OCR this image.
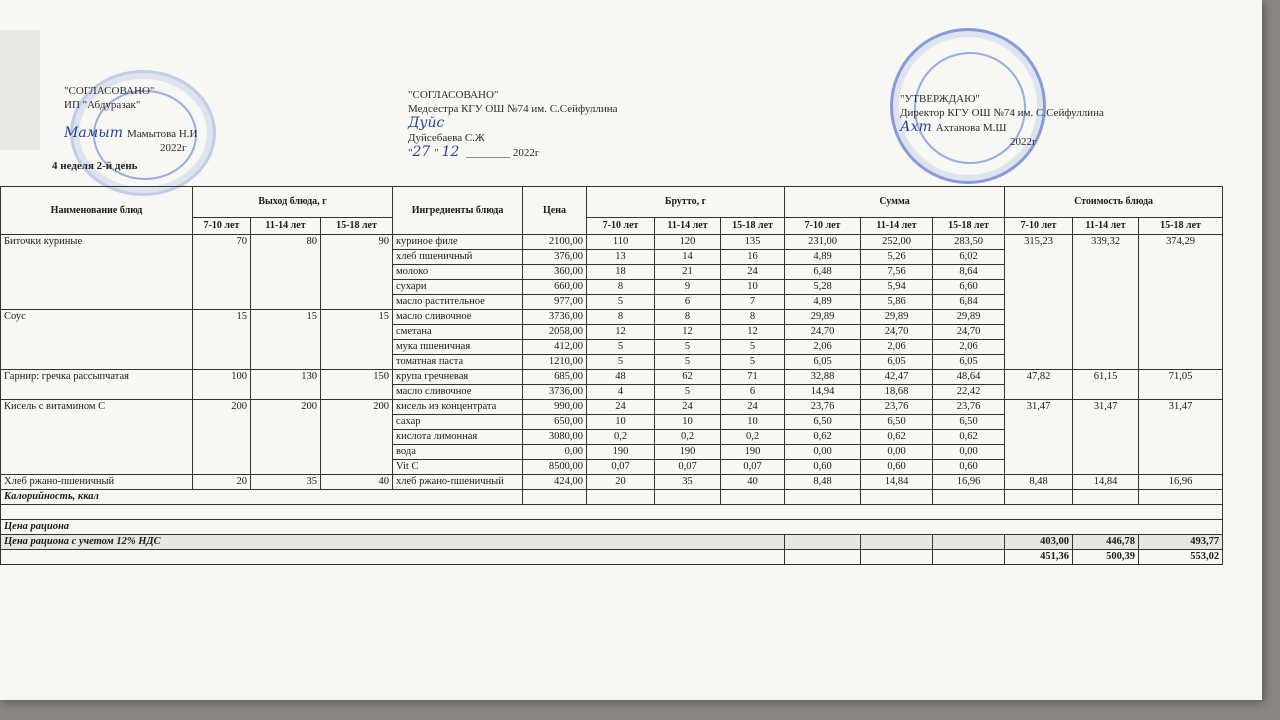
"СОГЛАСОВАНО"
ИП "Абдуразак"

Мамыт Мамытова Н.И
2022г
"СОГЛАСОВАНО"
Медсестра КГУ ОШ №74 им. С.Сейфуллина
Дуйс
Дуйсебаева С.Ж
"27 " 12 ________ 2022г
"УТВЕРЖДАЮ"
Директор КГУ ОШ №74 им. С.Сейфуллина
Ахт Ахтанова М.Ш
2022г
4 неделя 2-й день
Наименование блюд	Выход блюда, г			Ингредиенты блюда	Цена	Брутто, г			Сумма			Стоимость блюда		
	7-10 лет	11-14 лет	15-18 лет			7-10 лет	11-14 лет	15-18 лет	7-10 лет	11-14 лет	15-18 лет	7-10 лет	11-14 лет	15-18 лет
Биточки куриные	70	80	90	куриное филе	2100,00	110	120	135	231,00	252,00	283,50	315,23	339,32	374,29
				хлеб пшеничный	376,00	13	14	16	4,89	5,26	6,02			
				молоко	360,00	18	21	24	6,48	7,56	8,64			
				сухари	660,00	8	9	10	5,28	5,94	6,60			
				масло растительное	977,00	5	6	7	4,89	5,86	6,84			
Соус	15	15	15	масло сливочное	3736,00	8	8	8	29,89	29,89	29,89			
				сметана	2058,00	12	12	12	24,70	24,70	24,70			
				мука пшеничная	412,00	5	5	5	2,06	2,06	2,06			
				томатная паста	1210,00	5	5	5	6,05	6,05	6,05			
Гарнир: гречка рассыпчатая	100	130	150	крупа гречневая	685,00	48	62	71	32,88	42,47	48,64	47,82	61,15	71,05
				масло сливочное	3736,00	4	5	6	14,94	18,68	22,42			
Кисель с витамином С	200	200	200	кисель из концентрата	990,00	24	24	24	23,76	23,76	23,76	31,47	31,47	31,47
				сахар	650,00	10	10	10	6,50	6,50	6,50			
				кислота лимонная	3080,00	0,2	0,2	0,2	0,62	0,62	0,62			
				вода	0,00	190	190	190	0,00	0,00	0,00			
				Vit C	8500,00	0,07	0,07	0,07	0,60	0,60	0,60			
Хлеб ржано-пшеничный	20	35	40	хлеб ржано-пшеничный	424,00	20	35	40	8,48	14,84	16,96	8,48	14,84	16,96
Калорийность, ккал														

Цена рациона														
Цена рациона с учетом 12% НДС												403,00	446,78	493,77
												451,36	500,39	553,02
